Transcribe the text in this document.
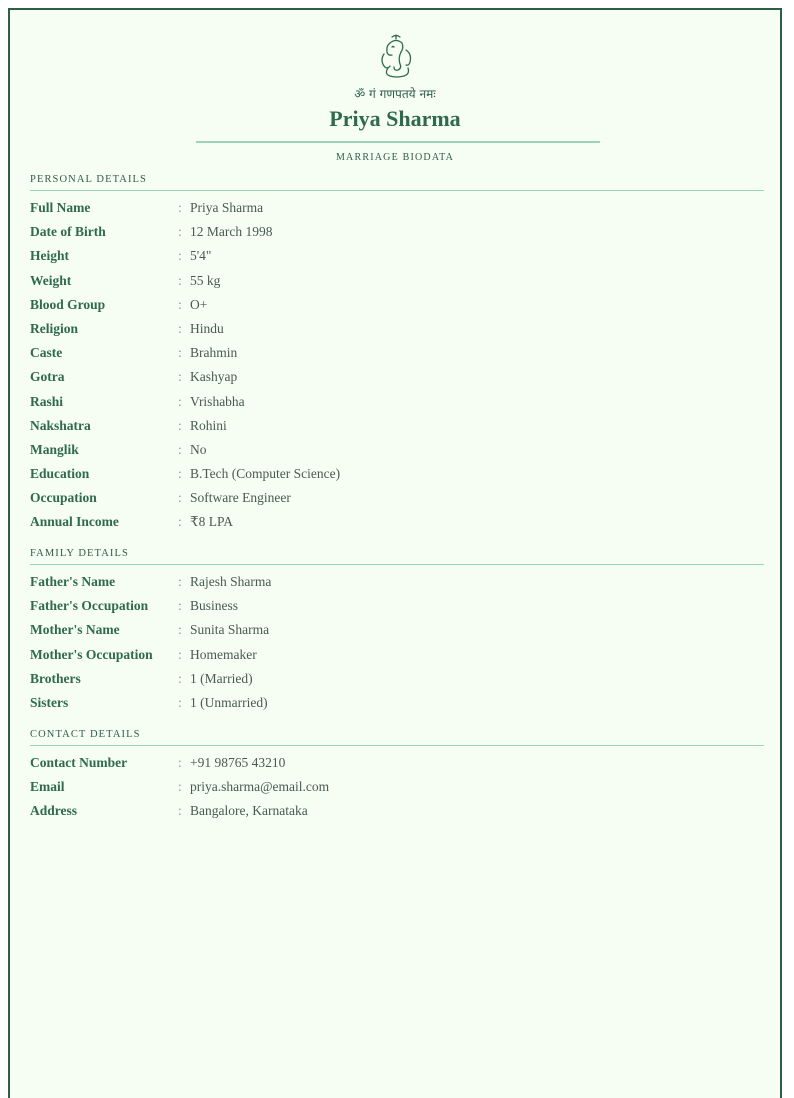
ॐ गं गणपतये नमः
Priya Sharma
MARRIAGE BIODATA
PERSONAL DETAILS
Full Name	: Priya Sharma
Date of Birth	: 12 March 1998
Height	: 5'4"
Weight	: 55 kg
Blood Group	: O+
Religion	: Hindu
Caste	: Brahmin
Gotra	: Kashyap
Rashi	: Vrishabha
Nakshatra	: Rohini
Manglik	: No
Education	: B.Tech (Computer Science)
Occupation	: Software Engineer
Annual Income	: ₹8 LPA
FAMILY DETAILS
Father's Name	: Rajesh Sharma
Father's Occupation : Business
Mother's Name	: Sunita Sharma
Mother's Occupation : Homemaker
Brothers	: 1 (Married)
Sisters	: 1 (Unmarried)
CONTACT DETAILS
Contact Number	: +91 98765 43210
Email	: priya.sharma@email.com
Address	: Bangalore, Karnataka
